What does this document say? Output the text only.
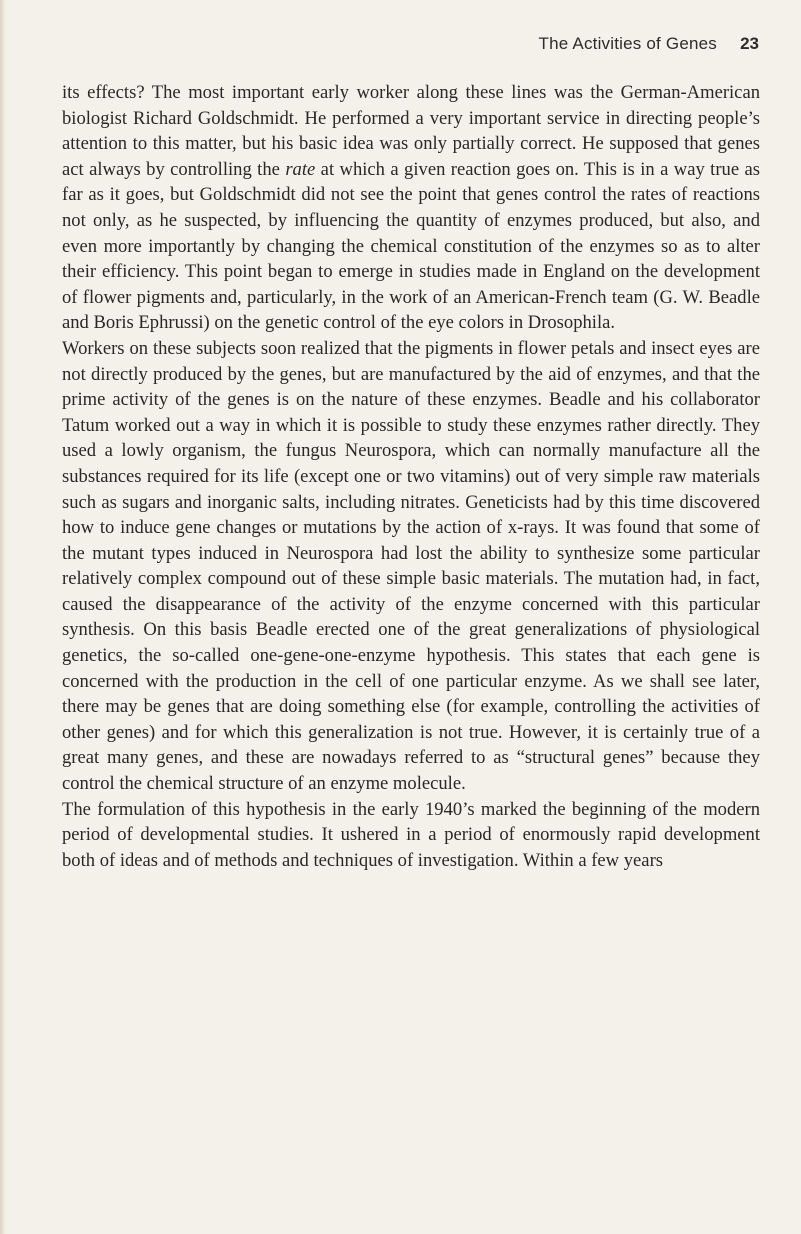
The Activities of Genes 23

its effects? The most important early worker along these lines was the German-American biologist Richard Goldschmidt. He performed a very important service in directing people’s attention to this matter, but his basic idea was only partially correct. He supposed that genes act always by controlling the rate at which a given reaction goes on. This is in a way true as far as it goes, but Goldschmidt did not see the point that genes control the rates of reactions not only, as he suspected, by influencing the quantity of enzymes produced, but also, and even more importantly by changing the chemical constitution of the enzymes so as to alter their efficiency. This point began to emerge in studies made in England on the development of flower pigments and, particularly, in the work of an American-French team (G. W. Beadle and Boris Ephrussi) on the genetic control of the eye colors in Drosophila.

Workers on these subjects soon realized that the pigments in flower petals and insect eyes are not directly produced by the genes, but are manufactured by the aid of enzymes, and that the prime activity of the genes is on the nature of these enzymes. Beadle and his collaborator Tatum worked out a way in which it is possible to study these enzymes rather directly. They used a lowly organism, the fungus Neurospora, which can normally manufacture all the substances required for its life (except one or two vitamins) out of very simple raw materials such as sugars and inorganic salts, including nitrates. Geneticists had by this time discovered how to induce gene changes or mutations by the action of x-rays. It was found that some of the mutant types induced in Neurospora had lost the ability to synthesize some particular relatively complex compound out of these simple basic materials. The mutation had, in fact, caused the disappearance of the activity of the enzyme concerned with this particular synthesis. On this basis Beadle erected one of the great generalizations of physiological genetics, the so-called one-gene-one-enzyme hypothesis. This states that each gene is concerned with the production in the cell of one particular enzyme. As we shall see later, there may be genes that are doing something else (for example, controlling the activities of other genes) and for which this generalization is not true. However, it is certainly true of a great many genes, and these are nowadays referred to as “structural genes” because they control the chemical structure of an enzyme molecule.

The formulation of this hypothesis in the early 1940’s marked the beginning of the modern period of developmental studies. It ushered in a period of enormously rapid development both of ideas and of methods and techniques of investigation. Within a few years
